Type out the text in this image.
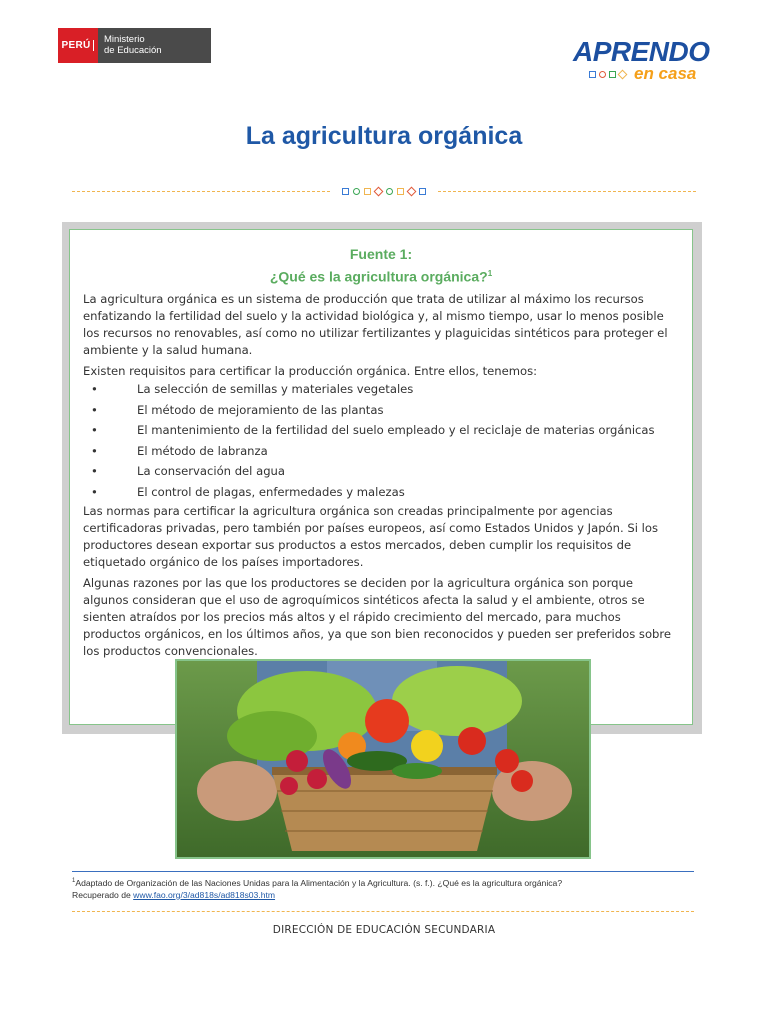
PERÚ
Ministerio
de Educación	APRENDO
en casa
La agricultura orgánica
Fuente 1:
¿Qué es la agricultura orgánica?$^1$

La agricultura orgánica es un sistema de producción que trata de utilizar al máximo los recursos enfatizando la fertilidad del suelo y la actividad biológica y, al mismo tiempo, usar lo menos posible los recursos no renovables, así como no utilizar fertilizantes y plaguicidas sintéticos para proteger el ambiente y la salud humana.

Existen requisitos para certificar la producción orgánica. Entre ellos, tenemos:

•	La selección de semillas y materiales vegetales
•	El método de mejoramiento de las plantas
•	El mantenimiento de la fertilidad del suelo empleado y el reciclaje de materias orgánicas
•	El método de labranza
•	La conservación del agua
•	El control de plagas, enfermedades y malezas

Las normas para certificar la agricultura orgánica son creadas principalmente por agencias certificadoras privadas, pero también por países europeos, así como Estados Unidos y Japón. Si los productores desean exportar sus productos a estos mercados, deben cumplir los requisitos de etiquetado orgánico de los países importadores.

Algunas razones por las que los productores se deciden por la agricultura orgánica son porque algunos consideran que el uso de agroquímicos sintéticos afecta la salud y el ambiente, otros se sienten atraídos por los precios más altos y el rápido crecimiento del mercado, para muchos productos orgánicos, en los últimos años, ya que son bien reconocidos y pueden ser preferidos sobre los productos convencionales.

$^1$Adaptado de Organización de las Naciones Unidas para la Alimentación y la Agricultura. (s. f.). ¿Qué es la agricultura orgánica?
Recuperado de www.fao.org/3/ad818s/ad818s03.htm
DIRECCIÓN DE EDUCACIÓN SECUNDARIA
